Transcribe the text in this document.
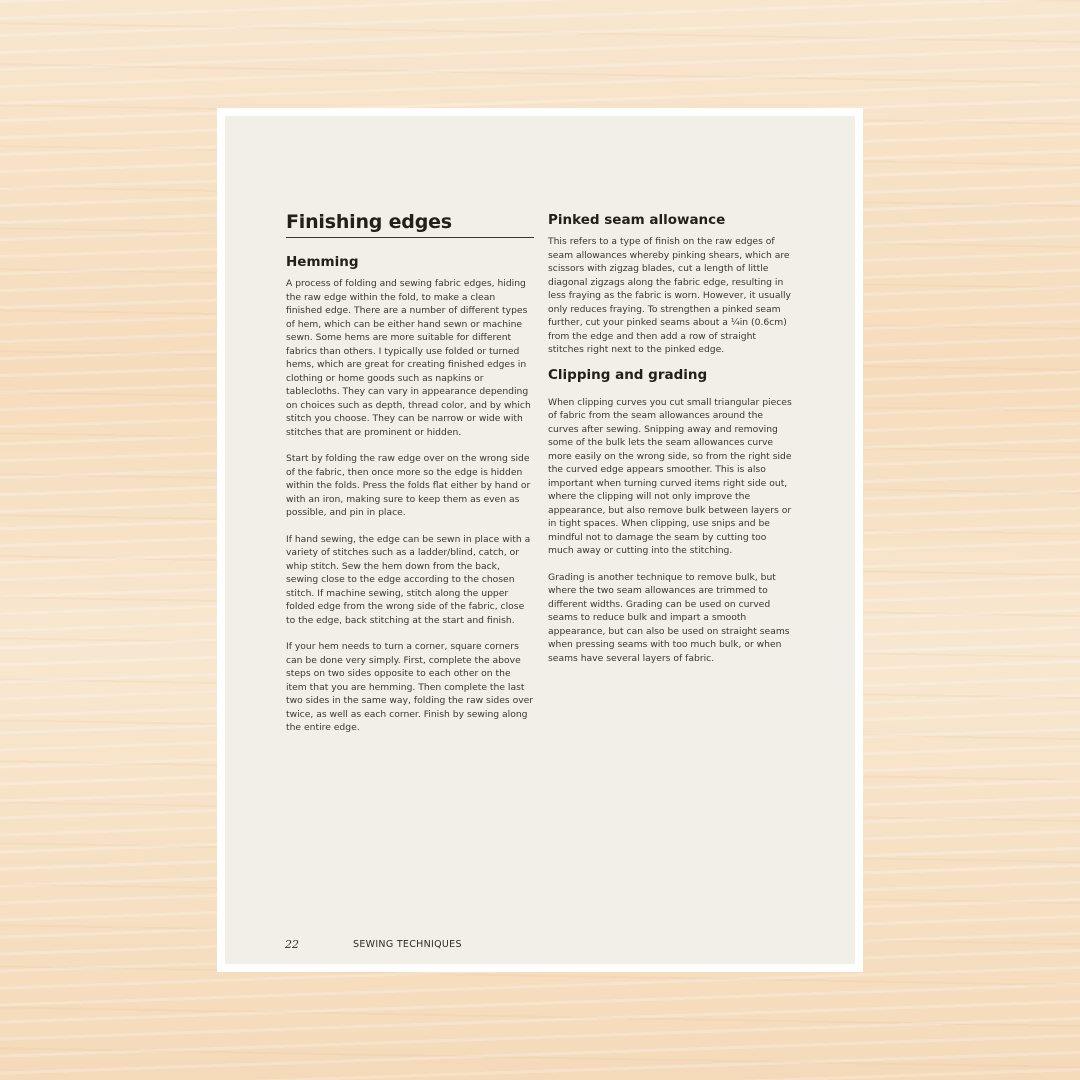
Finishing edges
Hemming

A process of folding and sewing fabric edges, hiding the raw edge within the fold, to make a clean finished edge. There are a number of different types of hem, which can be either hand sewn or machine sewn. Some hems are more suitable for different fabrics than others. I typically use folded or turned hems, which are great for creating finished edges in clothing or home goods such as napkins or tablecloths. They can vary in appearance depending on choices such as depth, thread color, and by which stitch you choose. They can be narrow or wide with stitches that are prominent or hidden.

Start by folding the raw edge over on the wrong side of the fabric, then once more so the edge is hidden within the folds. Press the folds flat either by hand or with an iron, making sure to keep them as even as possible, and pin in place.

If hand sewing, the edge can be sewn in place with a variety of stitches such as a ladder/blind, catch, or whip stitch. Sew the hem down from the back, sewing close to the edge according to the chosen stitch. If machine sewing, stitch along the upper folded edge from the wrong side of the fabric, close to the edge, back stitching at the start and finish.

If your hem needs to turn a corner, square corners can be done very simply. First, complete the above steps on two sides opposite to each other on the item that you are hemming. Then complete the last two sides in the same way, folding the raw sides over twice, as well as each corner. Finish by sewing along the entire edge.

Pinked seam allowance

This refers to a type of finish on the raw edges of seam allowances whereby pinking shears, which are scissors with zigzag blades, cut a length of little diagonal zigzags along the fabric edge, resulting in less fraying as the fabric is worn. However, it usually only reduces fraying. To strengthen a pinked seam further, cut your pinked seams about a ¼in (0.6cm) from the edge and then add a row of straight stitches right next to the pinked edge.

Clipping and grading

When clipping curves you cut small triangular pieces of fabric from the seam allowances around the curves after sewing. Snipping away and removing some of the bulk lets the seam allowances curve more easily on the wrong side, so from the right side the curved edge appears smoother. This is also important when turning curved items right side out, where the clipping will not only improve the appearance, but also remove bulk between layers or in tight spaces. When clipping, use snips and be mindful not to damage the seam by cutting too much away or cutting into the stitching.

Grading is another technique to remove bulk, but where the two seam allowances are trimmed to different widths. Grading can be used on curved seams to reduce bulk and impart a smooth appearance, but can also be used on straight seams when pressing seams with too much bulk, or when seams have several layers of fabric.

22	SEWING TECHNIQUES
